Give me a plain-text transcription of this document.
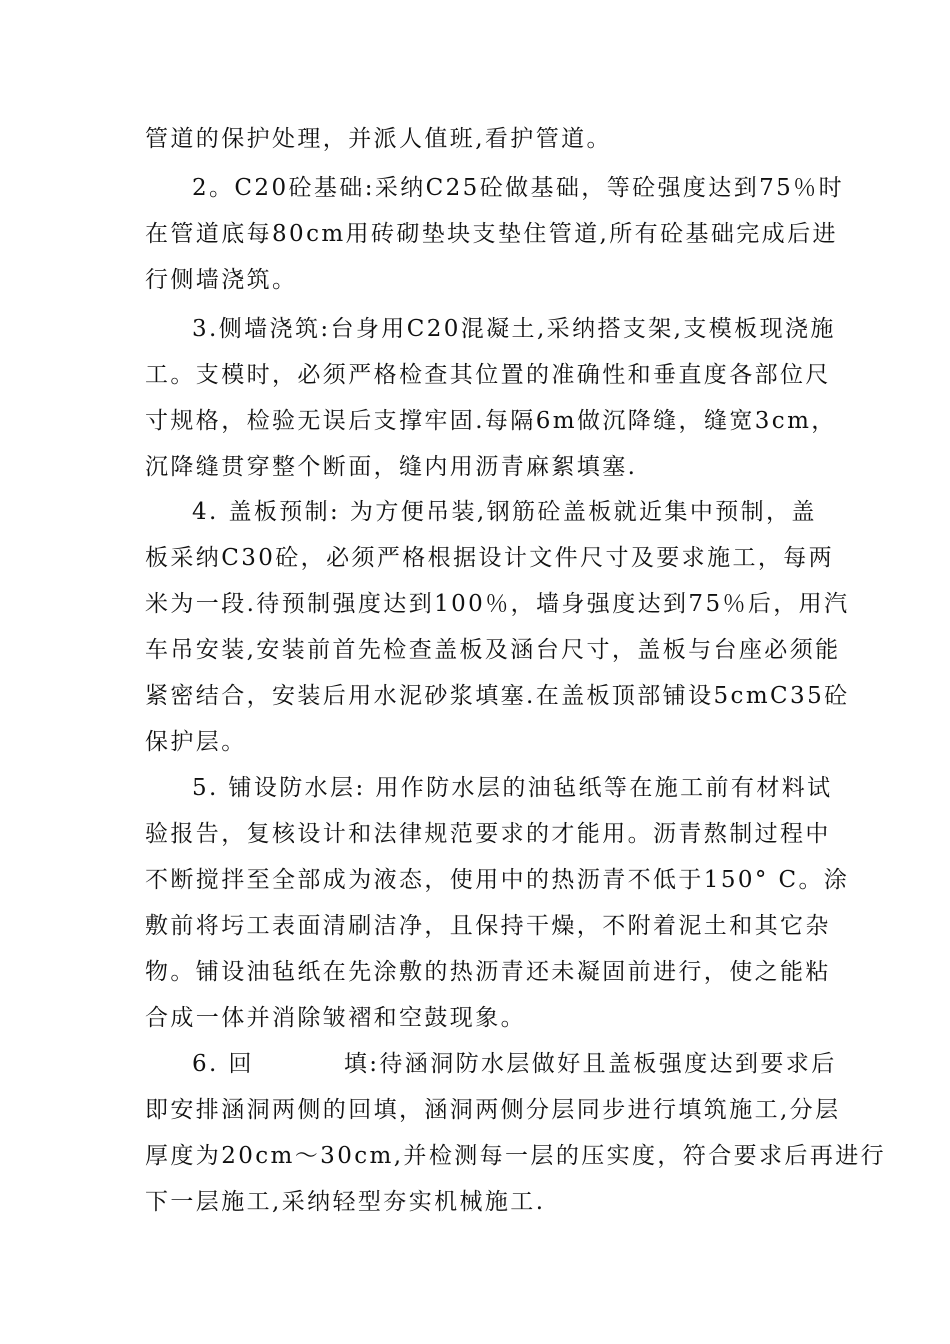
管道的保护处理，并派人值班,看护管道。
2。C20砼基础:采纳C25砼做基础，等砼强度达到75％时
在管道底每80cm用砖砌垫块支垫住管道,所有砼基础完成后进
行侧墙浇筑。
3.侧墙浇筑:台身用C20混凝土,采纳搭支架,支模板现浇施
工。支模时，必须严格检查其位置的准确性和垂直度各部位尺
寸规格，检验无误后支撑牢固.每隔6m做沉降缝，缝宽3cm，
沉降缝贯穿整个断面，缝内用沥青麻絮填塞.
4. 盖板预制: 为方便吊装,钢筋砼盖板就近集中预制，盖
板采纳C30砼，必须严格根据设计文件尺寸及要求施工，每两
米为一段.待预制强度达到100％，墙身强度达到75％后，用汽
车吊安装,安装前首先检查盖板及涵台尺寸，盖板与台座必须能
紧密结合，安装后用水泥砂浆填塞.在盖板顶部铺设5cmC35砼
保护层。
5. 铺设防水层: 用作防水层的油毡纸等在施工前有材料试
验报告，复核设计和法律规范要求的才能用。沥青熬制过程中
不断搅拌至全部成为液态，使用中的热沥青不低于150° C。涂
敷前将圬工表面清刷洁净，且保持干燥，不附着泥土和其它杂
物。铺设油毡纸在先涂敷的热沥青还未凝固前进行，使之能粘
合成一体并消除皱褶和空鼓现象。
6. 回	填:待涵洞防水层做好且盖板强度达到要求后
即安排涵洞两侧的回填，涵洞两侧分层同步进行填筑施工,分层
厚度为20cm～30cm,并检测每一层的压实度，符合要求后再进行
下一层施工,采纳轻型夯实机械施工.
